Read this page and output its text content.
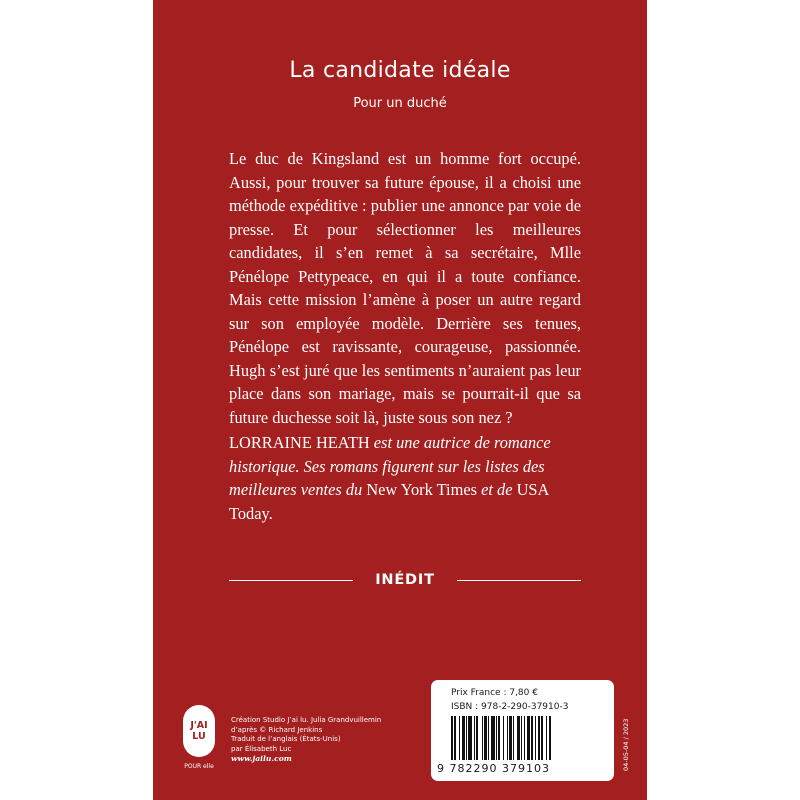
La candidate idéale
Pour un duché

Le duc de Kingsland est un homme fort occupé. Aussi, pour trouver sa future épouse, il a choisi une méthode expéditive : publier une annonce par voie de presse. Et pour sélectionner les meilleures candidates, il s’en remet à sa secrétaire, Mlle Pénélope Pettypeace, en qui il a toute confiance. Mais cette mission l’amène à poser un autre regard sur son employée modèle. Derrière ses tenues, Pénélope est ravissante, courageuse, passionnée. Hugh s’est juré que les sentiments n’auraient pas leur place dans son mariage, mais se pourrait-il que sa future duchesse soit là, juste sous son nez ?

LORRAINE HEATH est une autrice de romance historique. Ses romans figurent sur les listes des meilleures ventes du New York Times et de USA Today.
INÉDIT
J'AI
LU
POUR elle
Création Studio J’ai lu. Julia Grandvuillemin
d’après © Richard Jenkins
Traduit de l’anglais (États-Unis)
par Élisabeth Luc
www.jailu.com
Prix France : 7,80 €
ISBN : 978-2-290-37910-3
9 782290 379103	04-05-04 / 2023
